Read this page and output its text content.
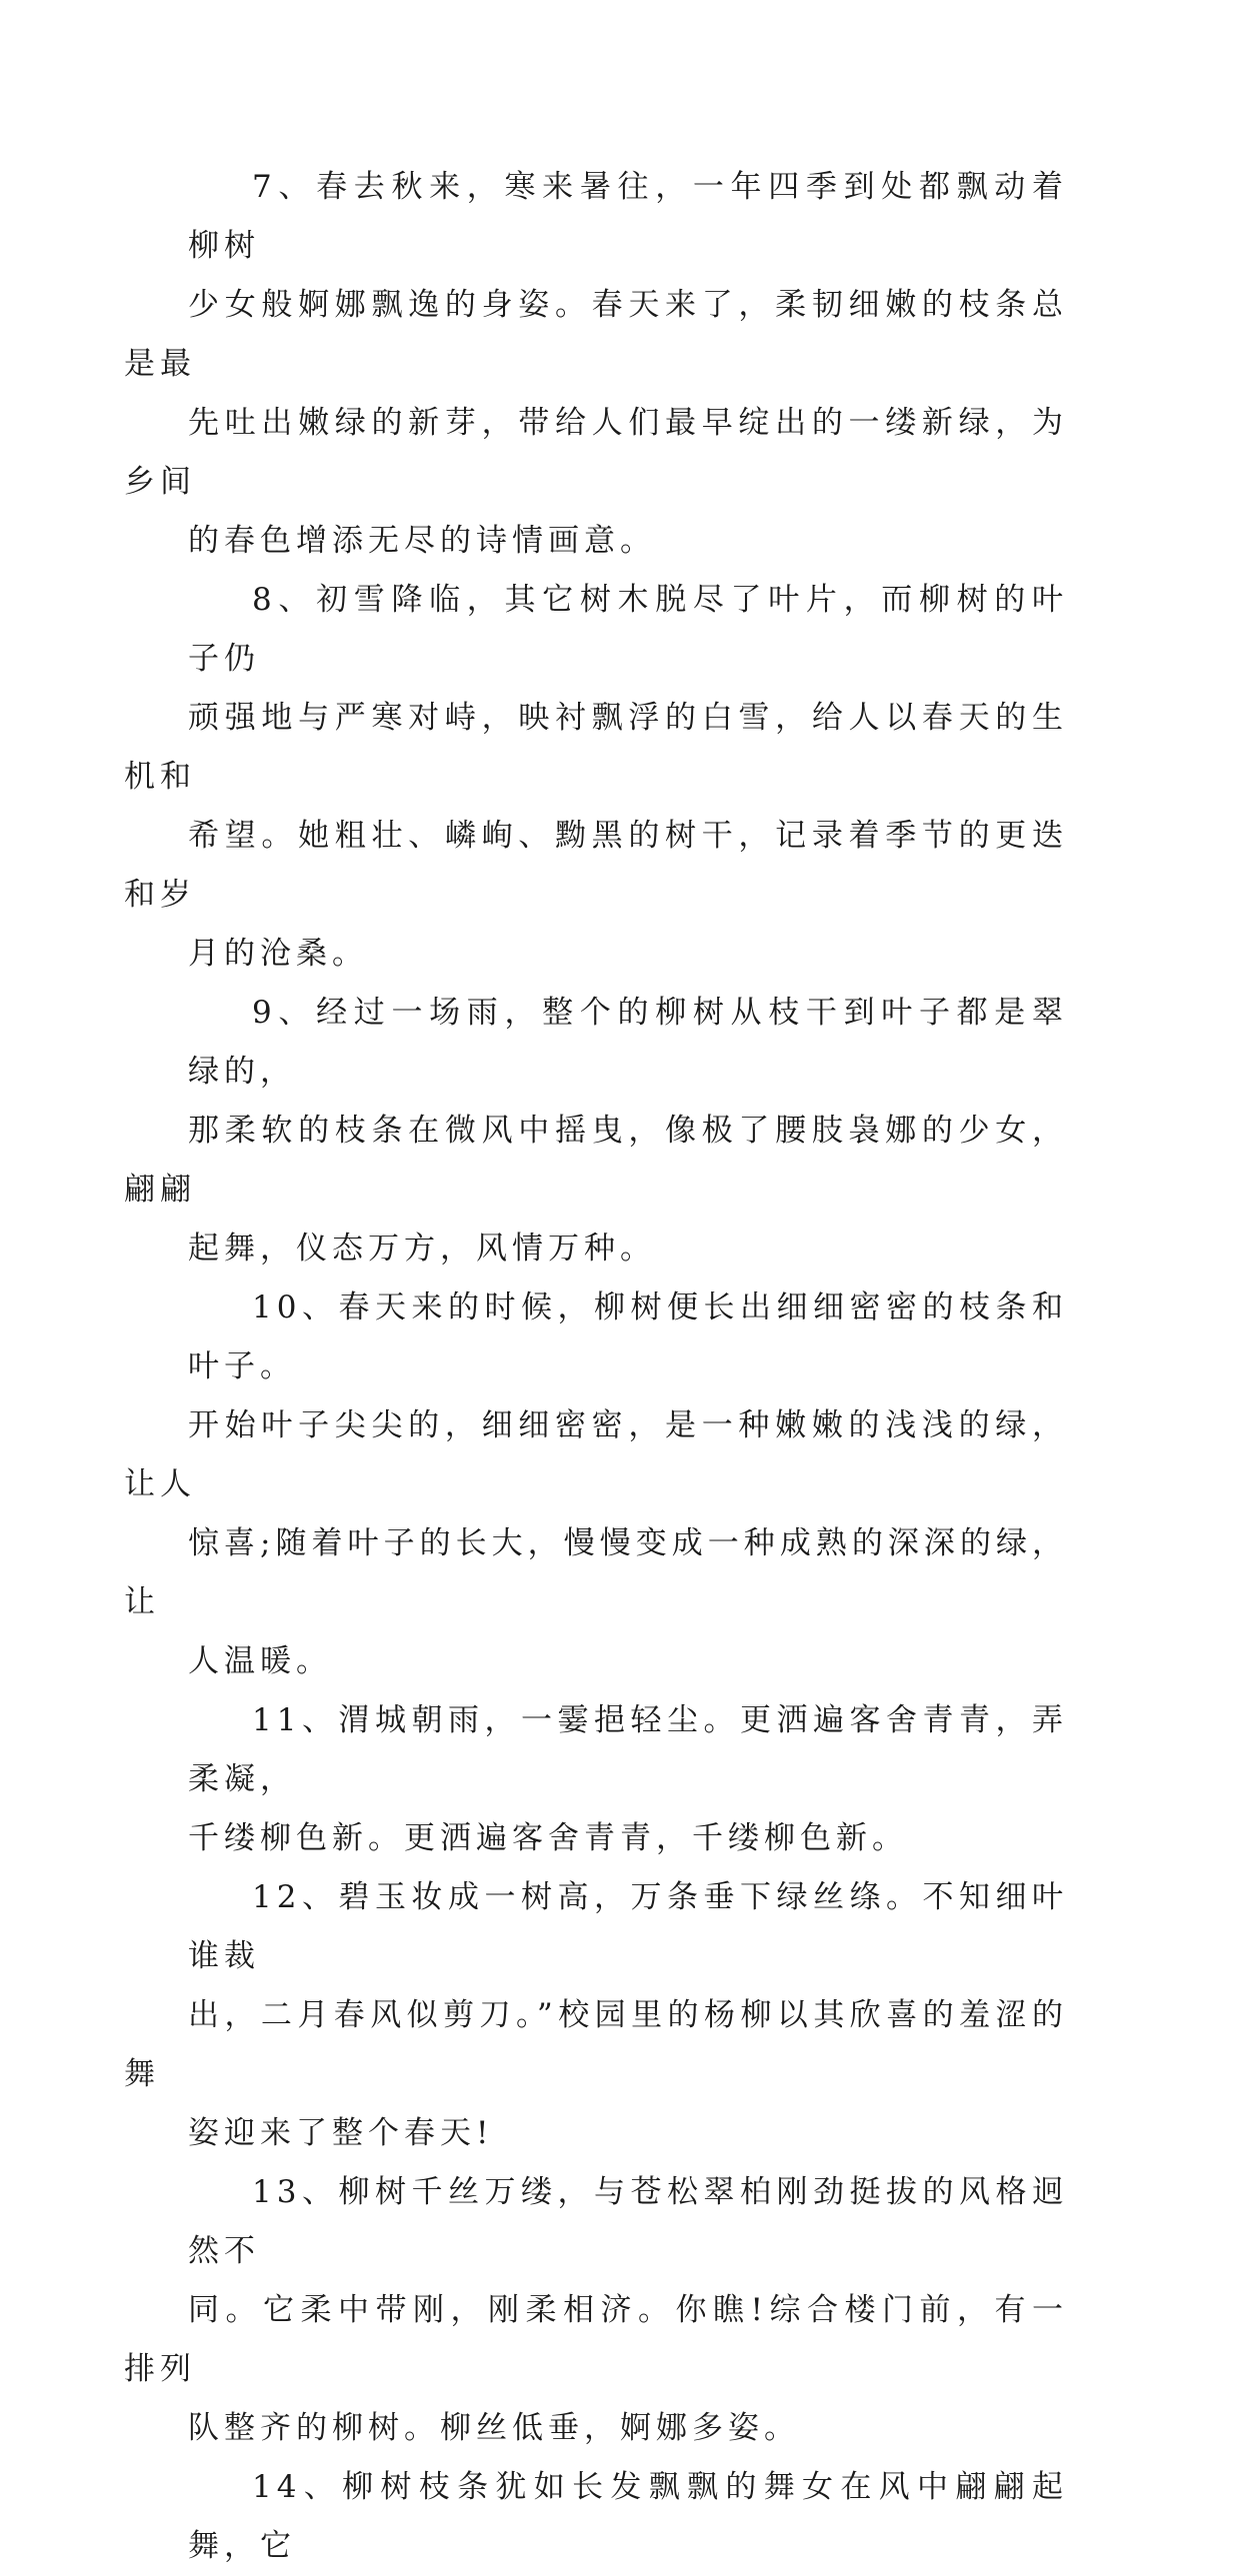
7、春去秋来，寒来暑往，一年四季到处都飘动着柳树
少女般婀娜飘逸的身姿。春天来了，柔韧细嫩的枝条总是最
先吐出嫩绿的新芽，带给人们最早绽出的一缕新绿，为乡间
的春色增添无尽的诗情画意。

8、初雪降临，其它树木脱尽了叶片，而柳树的叶子仍
顽强地与严寒对峙，映衬飘浮的白雪，给人以春天的生机和
希望。她粗壮、嶙峋、黝黑的树干，记录着季节的更迭和岁
月的沧桑。

9、经过一场雨，整个的柳树从枝干到叶子都是翠绿的，
那柔软的枝条在微风中摇曳，像极了腰肢袅娜的少女，翩翩
起舞，仪态万方，风情万种。

10、春天来的时候，柳树便长出细细密密的枝条和叶子。
开始叶子尖尖的，细细密密，是一种嫩嫩的浅浅的绿，让人
惊喜;随着叶子的长大，慢慢变成一种成熟的深深的绿，让
人温暖。

11、渭城朝雨，一霎挹轻尘。更洒遍客舍青青，弄柔凝，
千缕柳色新。更洒遍客舍青青，千缕柳色新。

12、碧玉妆成一树高，万条垂下绿丝绦。不知细叶谁裁
出，二月春风似剪刀。”校园里的杨柳以其欣喜的羞涩的舞
姿迎来了整个春天!

13、柳树千丝万缕，与苍松翠柏刚劲挺拔的风格迥然不
同。它柔中带刚，刚柔相济。你瞧!综合楼门前，有一排列
队整齐的柳树。柳丝低垂，婀娜多姿。

14、柳树枝条犹如长发飘飘的舞女在风中翩翩起舞，它
